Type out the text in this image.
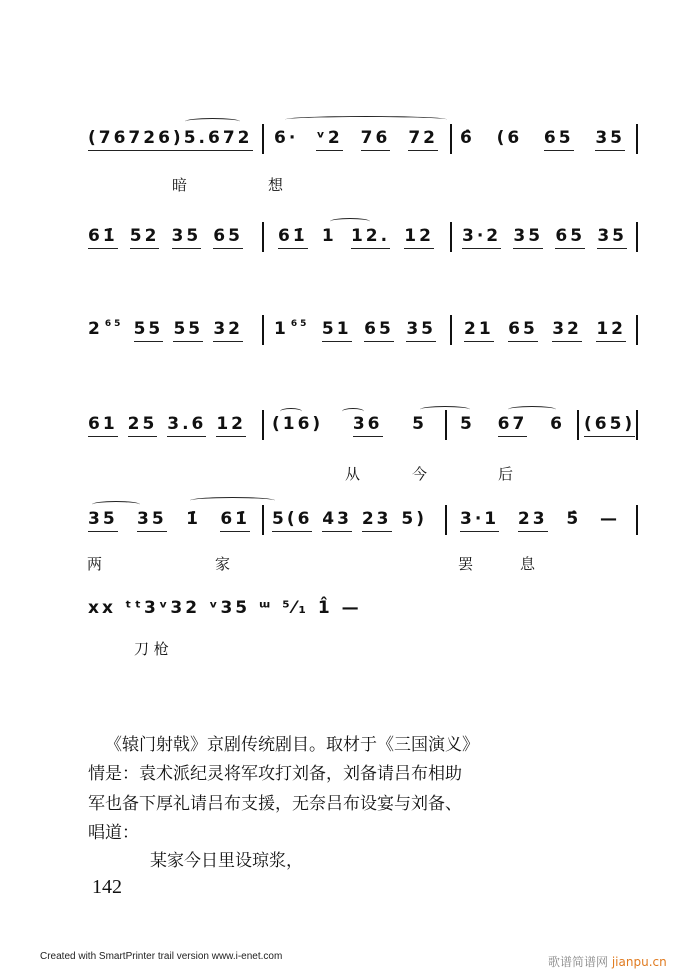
(767 26) 5.6 72 6· ᵛ2 76 72 6̂ (6 65 35
暗	想
61̇ 52 35 65 61̇ 1 12. 12 3·2 35 65 35
2 $^{65}$ 55 55 32 1 $^{65}$ 51 65 35 21 65 32 12
61 25 3.6 12 (16) 36 5 5 67 6 (65)
从	今	后
35 35 1̇ 61̇ 5(6 43 23 5) 3·1 23 5̂ —
两	家	罢	息
xx ᵗᵗ3ᵛ32 ᵛ35 ᵚ ⁵⁄₁ 1̂ —
刀 枪
《辕门射戟》京剧传统剧目。取材于《三国演义》
情是：袁术派纪灵将军攻打刘备，刘备请吕布相助
军也备下厚礼请吕布支援，无奈吕布设宴与刘备、
唱道：
某家今日里设琼浆，
142
Created with SmartPrinter trail version www.i-enet.com	歌谱简谱网 jianpu.cn
